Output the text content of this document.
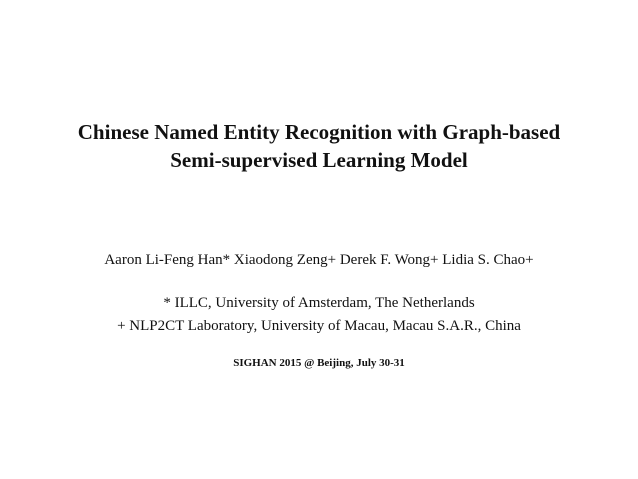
Chinese Named Entity Recognition with Graph-based
Semi-supervised Learning Model
Aaron Li-Feng Han* Xiaodong Zeng+ Derek F. Wong+ Lidia S. Chao+
* ILLC, University of Amsterdam, The Netherlands
+ NLP2CT Laboratory, University of Macau, Macau S.A.R., China
SIGHAN 2015 @ Beijing, July 30-31
